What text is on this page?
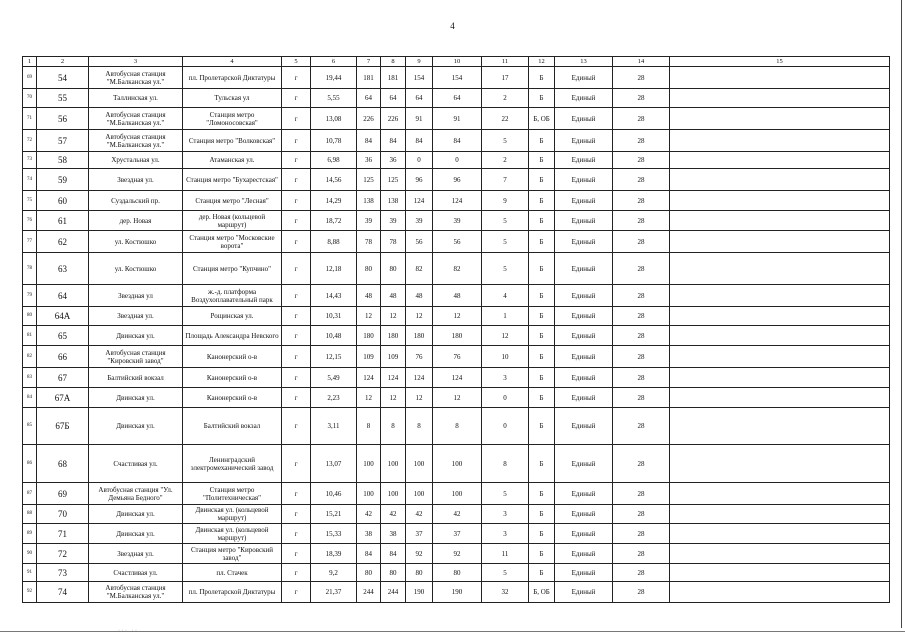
4
1	2	3	4	5	6	7	8	9	10	11	12	13	14	15
69	54	Автобусная станция "М.Балканская ул."	пл. Пролетарской Диктатуры	г	19,44	181	181	154	154	17	Б	Единый	28	
70	55	Таллинская ул.	Тульская ул	г	5,55	64	64	64	64	2	Б	Единый	28	
71	56	Автобусная станция "М.Балканская ул."	Станция метро "Ломоносовская"	г	13,08	226	226	91	91	22	Б, ОБ	Единый	28	
72	57	Автобусная станция "М.Балканская ул."	Станция метро "Волковская"	г	10,78	84	84	84	84	5	Б	Единый	28	
73	58	Хрустальная ул.	Атаманская ул.	г	6,98	36	36	0	0	2	Б	Единый	28	
74	59	Звездная ул.	Станция метро "Бухарестская"	г	14,56	125	125	96	96	7	Б	Единый	28	
75	60	Суздальский пр.	Станция метро "Лесная"	г	14,29	138	138	124	124	9	Б	Единый	28	
76	61	дер. Новая	дер. Новая (кольцевой маршрут)	г	18,72	39	39	39	39	5	Б	Единый	28	
77	62	ул. Костюшко	Станция метро "Московские ворота"	г	8,88	78	78	56	56	5	Б	Единый	28	
78	63	ул. Костюшко	Станция метро "Купчино"	г	12,18	80	80	82	82	5	Б	Единый	28	
79	64	Звездная ул	ж.-д. платформа Воздухоплавательный парк	г	14,43	48	48	48	48	4	Б	Единый	28	
80	64А	Звездная ул.	Рощинская ул.	г	10,31	12	12	12	12	1	Б	Единый	28	
81	65	Двинская ул.	Площадь Александра Невского	г	10,48	180	180	180	180	12	Б	Единый	28	
82	66	Автобусная станция "Кировский завод"	Канонерский о-в	г	12,15	109	109	76	76	10	Б	Единый	28	
83	67	Балтийский вокзал	Канонерский о-в	г	5,49	124	124	124	124	3	Б	Единый	28	
84	67А	Двинская ул.	Канонерский о-в	г	2,23	12	12	12	12	0	Б	Единый	28	
85	67Б	Двинская ул.	Балтийский вокзал	г	3,11	8	8	8	8	0	Б	Единый	28	
86	68	Счастливая ул.	Ленинградский электромеханический завод	г	13,07	100	100	100	100	8	Б	Единый	28	
87	69	Автобусная станция "Ул. Демьяна Бедного"	Станция метро "Политехническая"	г	10,46	100	100	100	100	5	Б	Единый	28	
88	70	Двинская ул.	Двинская ул. (кольцевой маршрут)	г	15,21	42	42	42	42	3	Б	Единый	28	
89	71	Двинская ул.	Двинская ул. (кольцевой маршрут)	г	15,33	38	38	37	37	3	Б	Единый	28	
90	72	Звездная ул.	Станция метро "Кировский завод"	г	18,39	84	84	92	92	11	Б	Единый	28	
91	73	Счастливая ул.	пл. Стачек	г	9,2	80	80	80	80	5	Б	Единый	28	
92	74	Автобусная станция "М.Балканская ул."	пл. Пролетарской Диктатуры	г	21,37	244	244	190	190	32	Б, ОБ	Единый	28	
· · ·   · ·
